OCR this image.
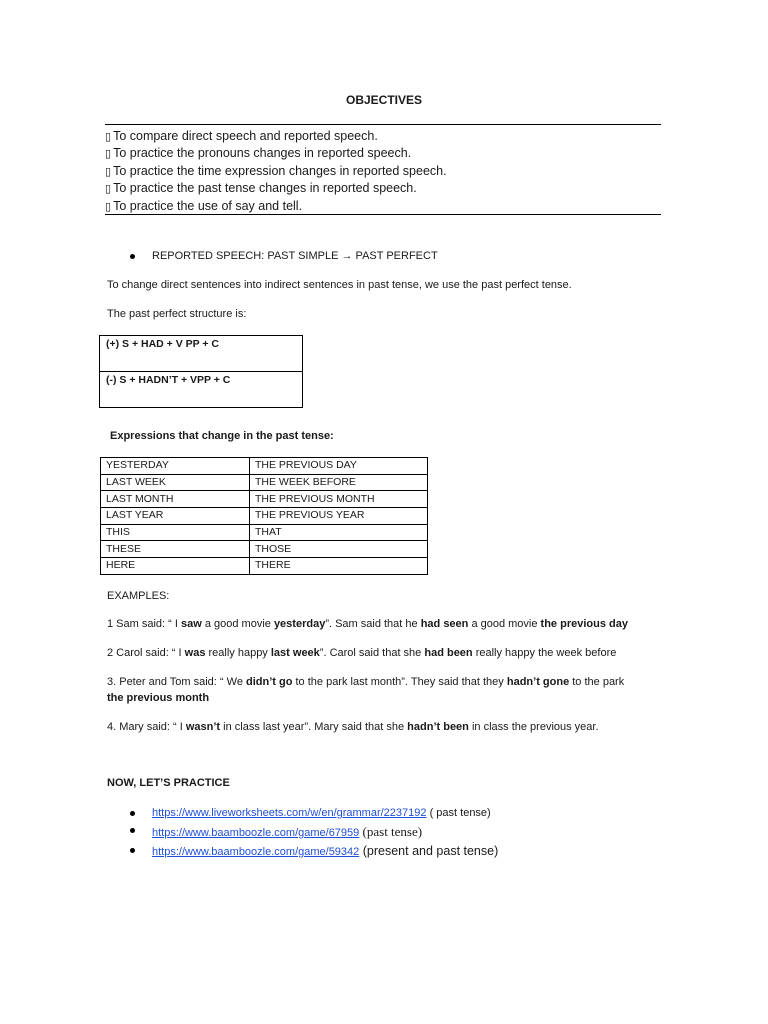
OBJECTIVES
▯ To compare direct speech and reported speech.
▯ To practice the pronouns changes in reported speech.
▯ To practice the time expression changes in reported speech.
▯ To practice the past tense changes in reported speech.
▯ To practice the use of say and tell.
REPORTED SPEECH: PAST SIMPLE → PAST PERFECT
To change direct sentences into indirect sentences in past tense, we use the past perfect tense.
The past perfect structure is:
(+) S + HAD + V PP + C
(-) S + HADN’T + VPP + C
Expressions that change in the past tense:
YESTERDAY	THE PREVIOUS DAY
LAST WEEK	THE WEEK BEFORE
LAST MONTH	THE PREVIOUS MONTH
LAST YEAR	THE PREVIOUS YEAR
THIS	THAT
THESE	THOSE
HERE	THERE
EXAMPLES:
1 Sam said: “ I saw a good movie yesterday”. Sam said that he had seen a good movie the previous day
2 Carol said: “ I was really happy last week”. Carol said that she had been really happy the week before
3. Peter and Tom said: “ We didn’t go to the park last month”. They said that they hadn’t gone to the park
the previous month
4. Mary said: “ I wasn’t in class last year”. Mary said that she hadn’t been in class the previous year.
NOW, LET’S PRACTICE
https://www.liveworksheets.com/w/en/grammar/2237192 ( past tense)
https://www.baamboozle.com/game/67959 (past tense)
https://www.baamboozle.com/game/59342 (present and past tense)
